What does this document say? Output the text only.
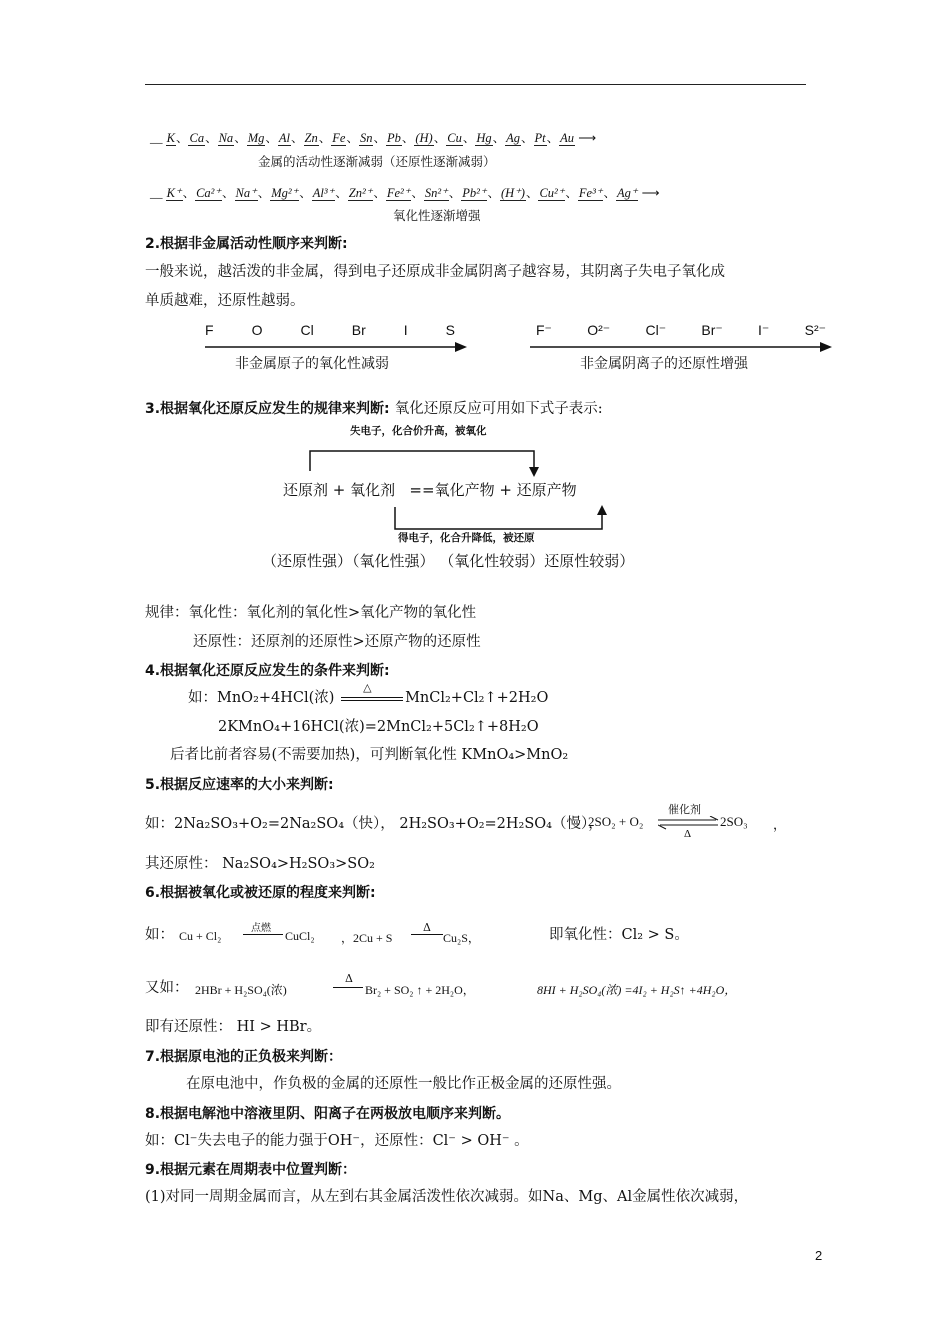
__ K、Ca、Na、Mg、Al、Zn、Fe、Sn、Pb、(H)、Cu、Hg、Ag、Pt、Au ⟶
金属的活动性逐渐减弱（还原性逐渐减弱）
__ K⁺、Ca²⁺、Na⁺、Mg²⁺、Al³⁺、Zn²⁺、Fe²⁺、Sn²⁺、Pb²⁺、(H⁺)、Cu²⁺、Fe³⁺、Ag⁺ ⟶
氧化性逐渐增强
2.根据非金属活动性顺序来判断:
一般来说，越活泼的非金属，得到电子还原成非金属阴离子越容易，其阴离子失电子氧化成
单质越难，还原性越弱。
F	O	Cl	Br	I	S
非金属原子的氧化性减弱
F⁻	O²⁻	Cl⁻	Br⁻	I⁻	S²⁻
非金属阴离子的还原性增强
3.根据氧化还原反应发生的规律来判断: 氧化还原反应可用如下式子表示:
失电子，化合价升高，被氧化
还原剂 + 氧化剂 ==氧化产物 + 还原产物
得电子，化合升降低，被还原
（还原性强）（氧化性强） （氧化性较弱）还原性较弱）
规律：氧化性：氧化剂的氧化性>氧化产物的氧化性
还原性：还原剂的还原性>还原产物的还原性
4.根据氧化还原反应发生的条件来判断:
如：MnO₂+4HCl(浓)
△
MnCl₂+Cl₂↑+2H₂O
2KMnO₄+16HCl(浓)=2MnCl₂+5Cl₂↑+8H₂O
后者比前者容易(不需要加热)，可判断氧化性 KMnO₄>MnO₂
5.根据反应速率的大小来判断:
如：2Na₂SO₃+O₂=2Na₂SO₄（快）， 2H₂SO₃+O₂=2H₂SO₄（慢），
2SO₂ + O₂
催化剂
Δ
2SO₃ ，
其还原性： Na₂SO₄>H₂SO₃>SO₂
6.根据被氧化或被还原的程度来判断:
如： Cu + Cl₂
点燃
CuCl₂ ，2Cu + S
Δ
Cu₂S，	即氧化性：Cl₂ > S。
又如： 2HBr + H₂SO₄(浓)
Δ
Br₂ + SO₂ ↑ + 2H₂O，	8HI + H₂SO₄(浓) =4I₂ + H₂S↑ +4H₂O，
即有还原性： HI > HBr。
7.根据原电池的正负极来判断：
在原电池中，作负极的金属的还原性一般比作正极金属的还原性强。
8.根据电解池中溶液里阴、阳离子在两极放电顺序来判断。
如：Cl⁻失去电子的能力强于OH⁻，还原性：Cl⁻ > OH⁻ 。
9.根据元素在周期表中位置判断：
(1)对同一周期金属而言，从左到右其金属活泼性依次减弱。如Na、Mg、Al金属性依次减弱，
2
